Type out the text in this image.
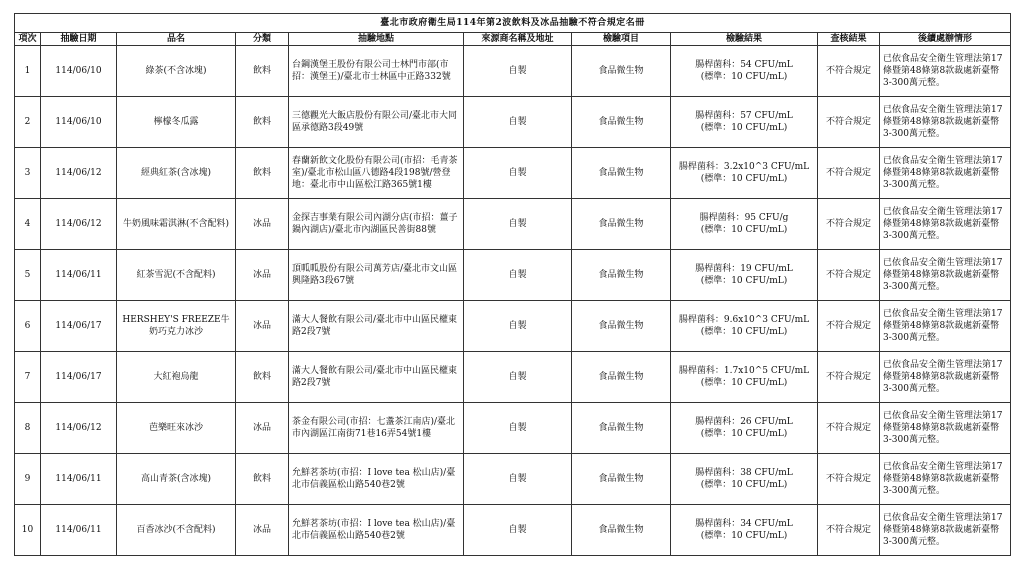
臺北市政府衛生局114年第2波飲料及冰品抽驗不符合規定名冊									
項次	抽驗日期	品名	分類	抽驗地點	來源商名稱及地址	檢驗項目	檢驗結果	查核結果	後續處辦情形
1	114/06/10	綠茶(不含冰塊)	飲料	台鋼漢堡王股份有限公司士林門市部(市招：漢堡王)/臺北市士林區中正路332號	自製	食品微生物	腸桿菌科：54 CFU/mL
(標準：10 CFU/mL)	不符合規定	已依食品安全衛生管理法第17條暨第48條第8款裁處新臺幣3-300萬元整。
2	114/06/10	檸檬冬瓜露	飲料	三德觀光大飯店股份有限公司/臺北市大同區承德路3段49號	自製	食品微生物	腸桿菌科：57 CFU/mL
(標準：10 CFU/mL)	不符合規定	已依食品安全衛生管理法第17條暨第48條第8款裁處新臺幣3-300萬元整。
3	114/06/12	經典紅茶(含冰塊)	飲料	春蘭新飲文化股份有限公司(市招：毛青茶室)/臺北市松山區八德路4段198號/營登地：臺北市中山區松江路365號1樓	自製	食品微生物	腸桿菌科：3.2x10^3 CFU/mL
(標準：10 CFU/mL)	不符合規定	已依食品安全衛生管理法第17條暨第48條第8款裁處新臺幣3-300萬元整。
4	114/06/12	牛奶風味霜淇淋(不含配料)	冰品	金探吉事業有限公司內湖分店(市招：薑子鍋內湖店)/臺北市內湖區民善街88號	自製	食品微生物	腸桿菌科：95 CFU/g
(標準：10 CFU/mL)	不符合規定	已依食品安全衛生管理法第17條暨第48條第8款裁處新臺幣3-300萬元整。
5	114/06/11	紅茶雪泥(不含配料)	冰品	頂呱呱股份有限公司萬芳店/臺北市文山區興隆路3段67號	自製	食品微生物	腸桿菌科：19 CFU/mL
(標準：10 CFU/mL)	不符合規定	已依食品安全衛生管理法第17條暨第48條第8款裁處新臺幣3-300萬元整。
6	114/06/17	HERSHEY'S FREEZE牛奶巧克力冰沙	冰品	滿大人餐飲有限公司/臺北市中山區民權東路2段7號	自製	食品微生物	腸桿菌科：9.6x10^3 CFU/mL
(標準：10 CFU/mL)	不符合規定	已依食品安全衛生管理法第17條暨第48條第8款裁處新臺幣3-300萬元整。
7	114/06/17	大紅袍烏龍	飲料	滿大人餐飲有限公司/臺北市中山區民權東路2段7號	自製	食品微生物	腸桿菌科：1.7x10^5 CFU/mL
(標準：10 CFU/mL)	不符合規定	已依食品安全衛生管理法第17條暨第48條第8款裁處新臺幣3-300萬元整。
8	114/06/12	芭樂旺來冰沙	冰品	茶金有限公司(市招：七盞茶江南店)/臺北市內湖區江南街71巷16弄54號1樓	自製	食品微生物	腸桿菌科：26 CFU/mL
(標準：10 CFU/mL)	不符合規定	已依食品安全衛生管理法第17條暨第48條第8款裁處新臺幣3-300萬元整。
9	114/06/11	高山青茶(含冰塊)	飲料	允鮮茗茶坊(市招：I love tea 松山店)/臺北市信義區松山路540巷2號	自製	食品微生物	腸桿菌科：38 CFU/mL
(標準：10 CFU/mL)	不符合規定	已依食品安全衛生管理法第17條暨第48條第8款裁處新臺幣3-300萬元整。
10	114/06/11	百香冰沙(不含配料)	冰品	允鮮茗茶坊(市招：I love tea 松山店)/臺北市信義區松山路540巷2號	自製	食品微生物	腸桿菌科：34 CFU/mL
(標準：10 CFU/mL)	不符合規定	已依食品安全衛生管理法第17條暨第48條第8款裁處新臺幣3-300萬元整。
